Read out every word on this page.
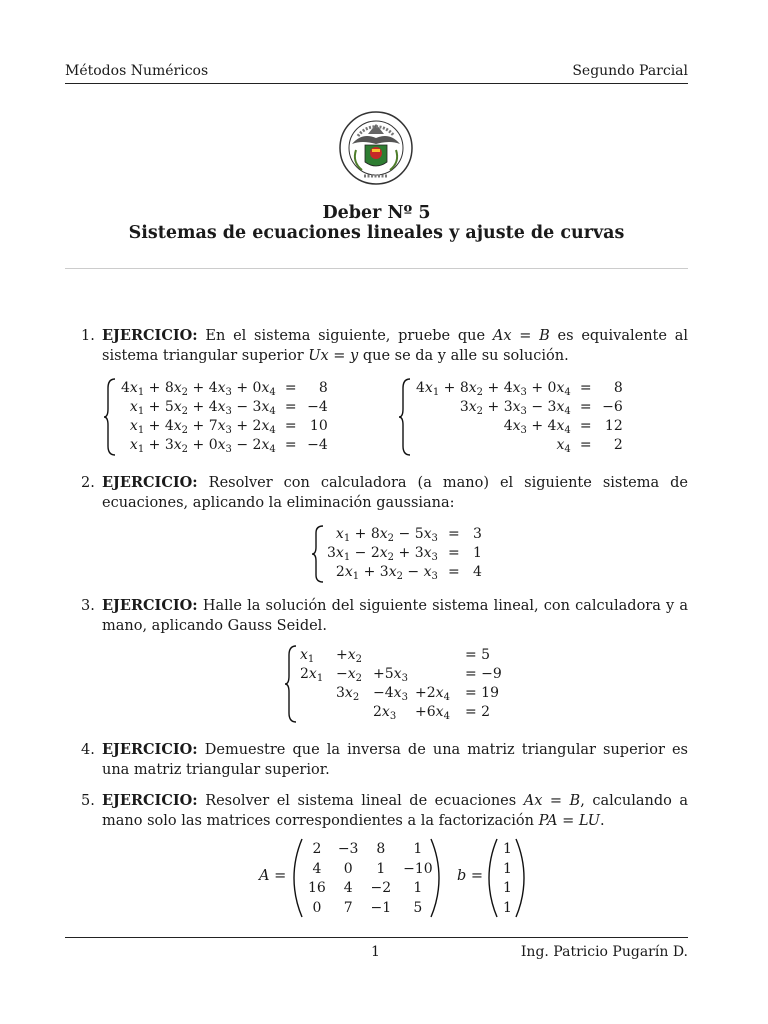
Métodos Numéricos	Segundo Parcial
Deber Nº 5
Sistemas de ecuaciones lineales y ajuste de curvas
1. EJERCICIO: En el sistema siguiente, pruebe que Ax = B es equivalente al sistema triangular superior Ux = y que se da y alle su solución.
$4x_1 + 8x_2 + 4x_3 + 0x_4$	=	8
$x_1 + 5x_2 + 4x_3 - 3x_4$	=	−4
$x_1 + 4x_2 + 7x_3 + 2x_4$	=	10
$x_1 + 3x_2 + 0x_3 - 2x_4$	=	−4
$4x_1 + 8x_2 + 4x_3 + 0x_4$	=	8
$3x_2 + 3x_3 - 3x_4$	=	−6
$4x_3 + 4x_4$	=	12
$x_4$	=	2
2. EJERCICIO: Resolver con calculadora (a mano) el siguiente sistema de ecuaciones, aplicando la eliminación gaussiana:
$x_1 + 8x_2 - 5x_3$	=	3
$3x_1 - 2x_2 + 3x_3$	=	1
$2x_1 + 3x_2 - x_3$	=	4
3. EJERCICIO: Halle la solución del siguiente sistema lineal, con calculadora y a mano, aplicando Gauss Seidel.
$x_1$	$+x_2$			= 5
$2x_1$	$-x_2$	$+5x_3$		= −9
	$3x_2$	$-4x_3$	$+2x_4$	= 19
		$2x_3$	$+6x_4$	= 2
4. EJERCICIO: Demuestre que la inversa de una matriz triangular superior es una matriz triangular superior.
5. EJERCICIO: Resolver el sistema lineal de ecuaciones Ax = B, calculando a mano solo las matrices correspondientes a la factorización PA = LU.
A =
2	−3	8	1
4	0	1	−10
16	4	−2	1
0	7	−1	5
b =
1
1
1
1
1	Ing. Patricio Pugarín D.
